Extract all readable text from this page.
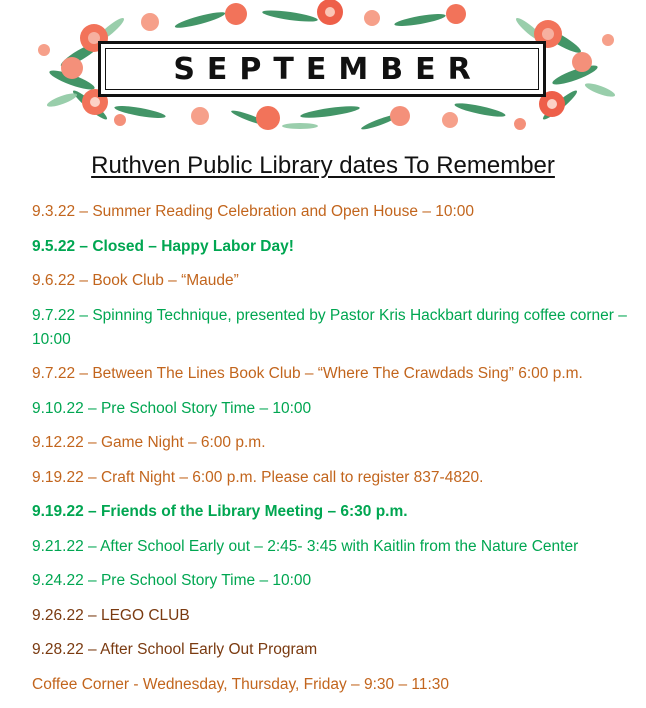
SEPTEMBER
Ruthven Public Library dates To Remember
9.3.22 – Summer Reading Celebration and Open House – 10:00
9.5.22 – Closed – Happy Labor Day!
9.6.22 – Book Club – “Maude”
9.7.22 – Spinning Technique, presented by Pastor Kris Hackbart during coffee corner – 10:00
9.7.22 – Between The Lines Book Club – “Where The Crawdads Sing” 6:00 p.m.
9.10.22 – Pre School Story Time – 10:00
9.12.22 – Game Night – 6:00 p.m.
9.19.22 – Craft Night – 6:00 p.m. Please call to register 837-4820.
9.19.22 – Friends of the Library Meeting – 6:30 p.m.
9.21.22 – After School Early out – 2:45- 3:45 with Kaitlin from the Nature Center
9.24.22 – Pre School Story Time – 10:00
9.26.22 – LEGO CLUB
9.28.22 – After School Early Out Program
Coffee Corner - Wednesday, Thursday, Friday – 9:30 – 11:30
